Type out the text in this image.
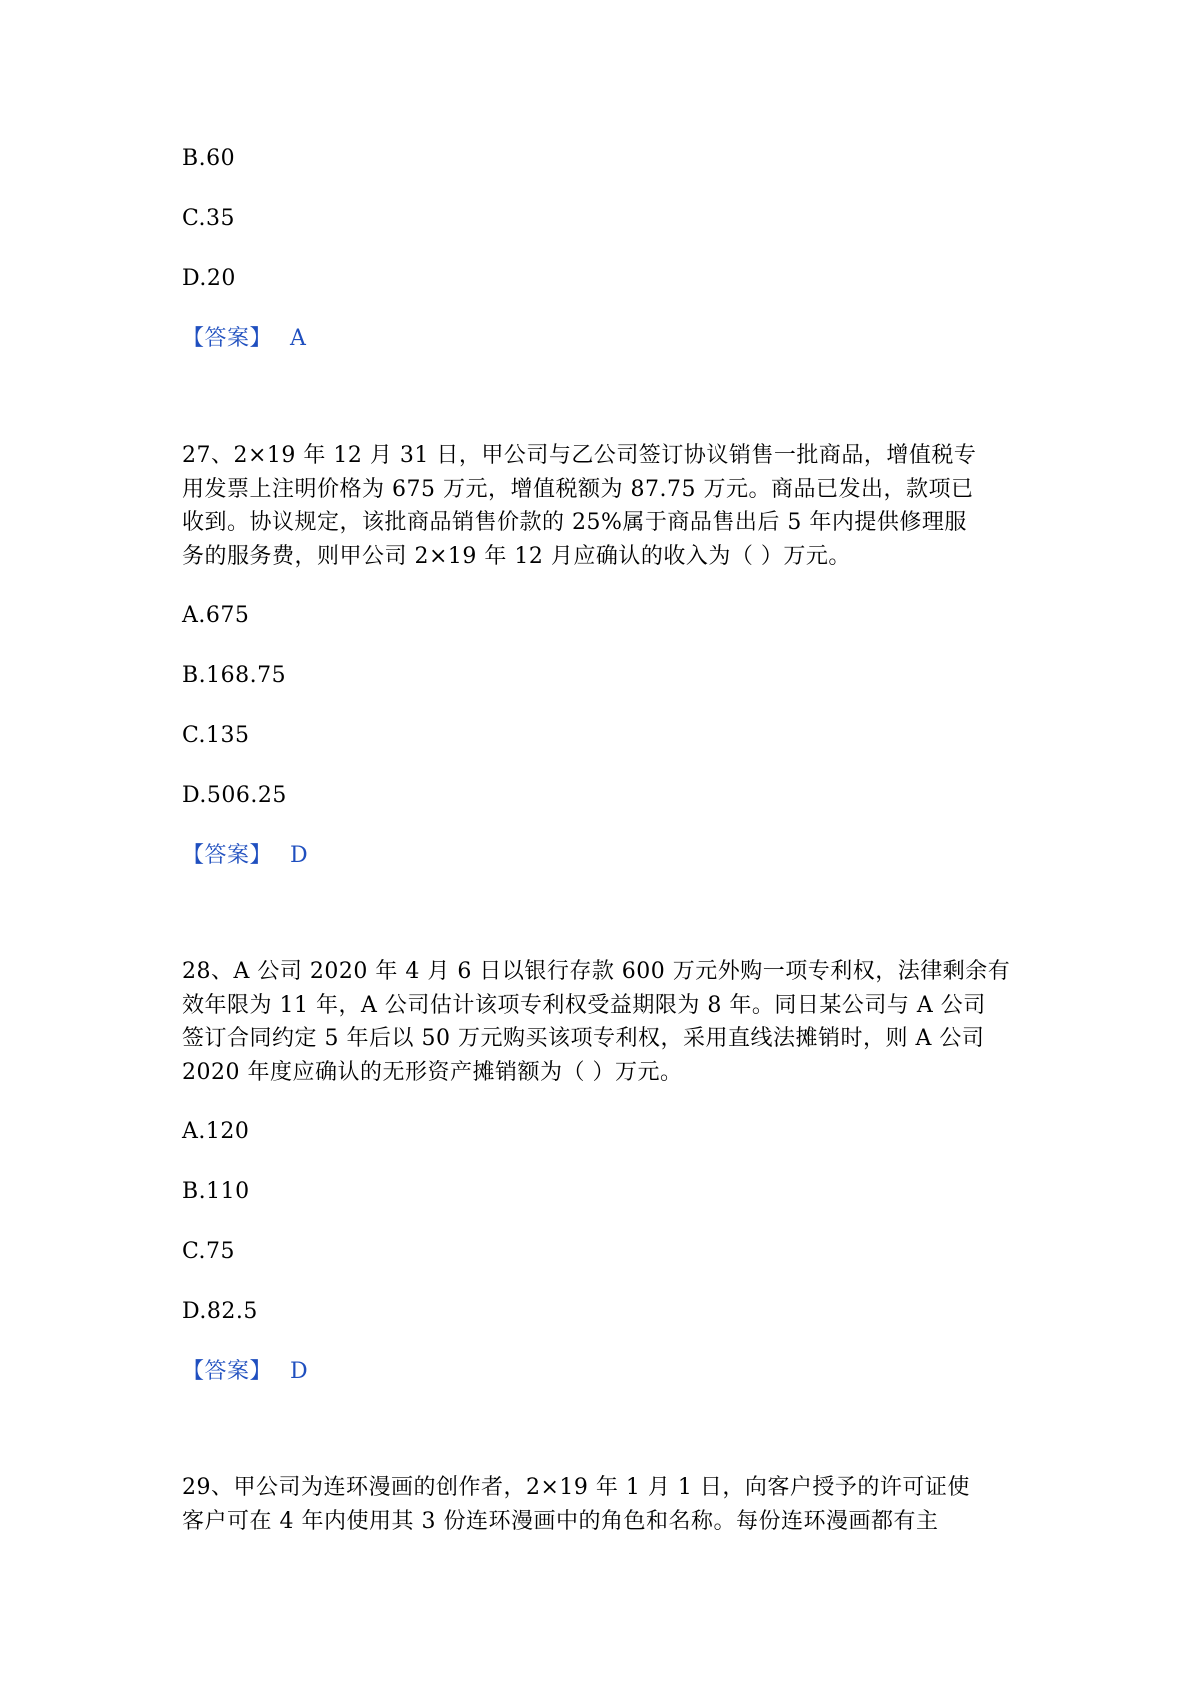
B.60
C.35
D.20
【答案】 A
27、2×19 年 12 月 31 日，甲公司与乙公司签订协议销售一批商品，增值税专
用发票上注明价格为 675 万元，增值税额为 87.75 万元。商品已发出，款项已
收到。协议规定，该批商品销售价款的 25%属于商品售出后 5 年内提供修理服
务的服务费，则甲公司 2×19 年 12 月应确认的收入为（ ）万元。
A.675
B.168.75
C.135
D.506.25
【答案】 D
28、A 公司 2020 年 4 月 6 日以银行存款 600 万元外购一项专利权，法律剩余有
效年限为 11 年，A 公司估计该项专利权受益期限为 8 年。同日某公司与 A 公司
签订合同约定 5 年后以 50 万元购买该项专利权，采用直线法摊销时，则 A 公司
2020 年度应确认的无形资产摊销额为（ ）万元。
A.120
B.110
C.75
D.82.5
【答案】 D
29、甲公司为连环漫画的创作者，2×19 年 1 月 1 日，向客户授予的许可证使
客户可在 4 年内使用其 3 份连环漫画中的角色和名称。每份连环漫画都有主
